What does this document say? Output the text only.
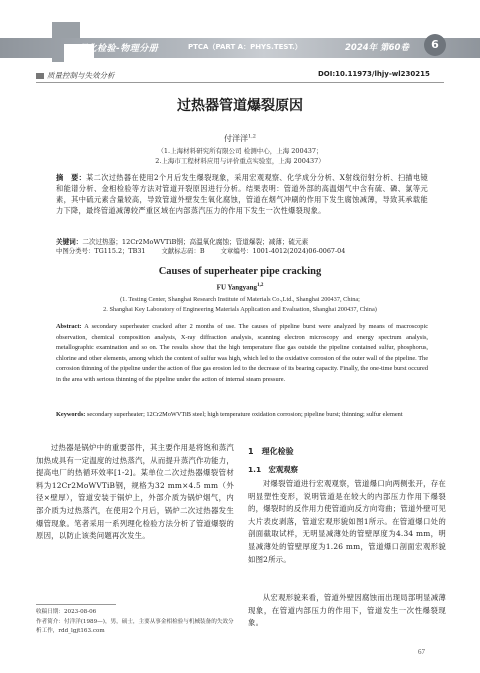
理化检验-物理分册	PTCA（PART A：PHYS.TEST.）	2024年 第60卷	6
质量控制与失效分析	DOI:10.11973/lhjy-wl230215
过热器管道爆裂原因
付洋洋$^{1,2}$
（1.上海材料研究所有限公司 检测中心，上海 200437；
2.上海市工程材料应用与评价重点实验室，上海 200437）
摘　要：某二次过热器在使用2个月后发生爆裂现象，采用宏观观察、化学成分分析、X射线衍射分析、扫描电镜和能谱分析、金相检验等方法对管道开裂原因进行分析。结果表明：管道外部的高温烟气中含有硫、磷、氯等元素，其中硫元素含量较高，导致管道外壁发生氧化腐蚀，管道在烟气冲刷的作用下发生腐蚀减薄，导致其承载能力下降，最终管道减薄较严重区域在内部蒸汽压力的作用下发生一次性爆裂现象。
关键词：二次过热器；12Cr2MoWVTiB钢；高温氧化腐蚀；管道爆裂；减薄；硫元素
中图分类号：TG115.2；TB31	文献标志码：B	文章编号：1001-4012(2024)06-0067-04
Causes of superheater pipe cracking
FU Yangyang$^{1,2}$
(1. Testing Center, Shanghai Research Institute of Materials Co.,Ltd., Shanghai 200437, China;
2. Shanghai Key Laboratory of Engineering Materials Application and Evaluation, Shanghai 200437, China)
Abstract: A secondary superheater cracked after 2 months of use. The causes of pipeline burst were analyzed by means of macroscopic observation, chemical composition analysis, X-ray diffraction analysis, scanning electron microscopy and energy spectrum analysis, metallographic examination and so on. The results show that the high temperature flue gas outside the pipeline contained sulfur, phosphorus, chlorine and other elements, among which the content of sulfur was high, which led to the oxidative corrosion of the outer wall of the pipeline. The corrosion thinning of the pipeline under the action of flue gas erosion led to the decrease of its bearing capacity. Finally, the one-time burst occured in the area with serious thinning of the pipeline under the action of internal steam pressure.
Keywords: secondary superheater; 12Cr2MoWVTiB steel; high temperature oxidation corrosion; pipeline burst; thinning; sulfur element
过热器是锅炉中的重要部件，其主要作用是将饱和蒸汽加热成具有一定温度的过热蒸汽，从而提升蒸汽作功能力，提高电厂的热循环效率[1-2]。某单位二次过热器爆裂管材料为12Cr2MoWVTiB钢，规格为32 mm×4.5 mm（外径×壁厚），管道安装于锅炉上，外部介质为锅炉烟气，内部介质为过热蒸汽，在使用2个月后，锅炉二次过热器发生爆管现象。笔者采用一系列理化检验方法分析了管道爆裂的原因，以防止该类问题再次发生。
1　理化检验
1.1　宏观观察
对爆裂管道进行宏观观察，管道爆口向两侧张开，存在明显塑性变形，说明管道是在较大的内部压力作用下爆裂的，爆裂时的反作用力使管道向反方向弯曲；管道外壁可见大片表皮剥落，管道宏观形貌如图1所示。在管道爆口处的剖面截取试样，无明显减薄处的管壁厚度为4.34 mm，明显减薄处的管壁厚度为1.26 mm，管道爆口剖面宏观形貌如图2所示。
从宏观形貌来看，管道外壁因腐蚀而出现局部明显减薄现象，在管道内部压力的作用下，管道发生一次性爆裂现象。
收稿日期：2023-08-06
作者简介：付洋洋(1989—)，男，硕士，主要从事金相检验与机械装备的失效分析工作，rdd_lgjt163.com
67
